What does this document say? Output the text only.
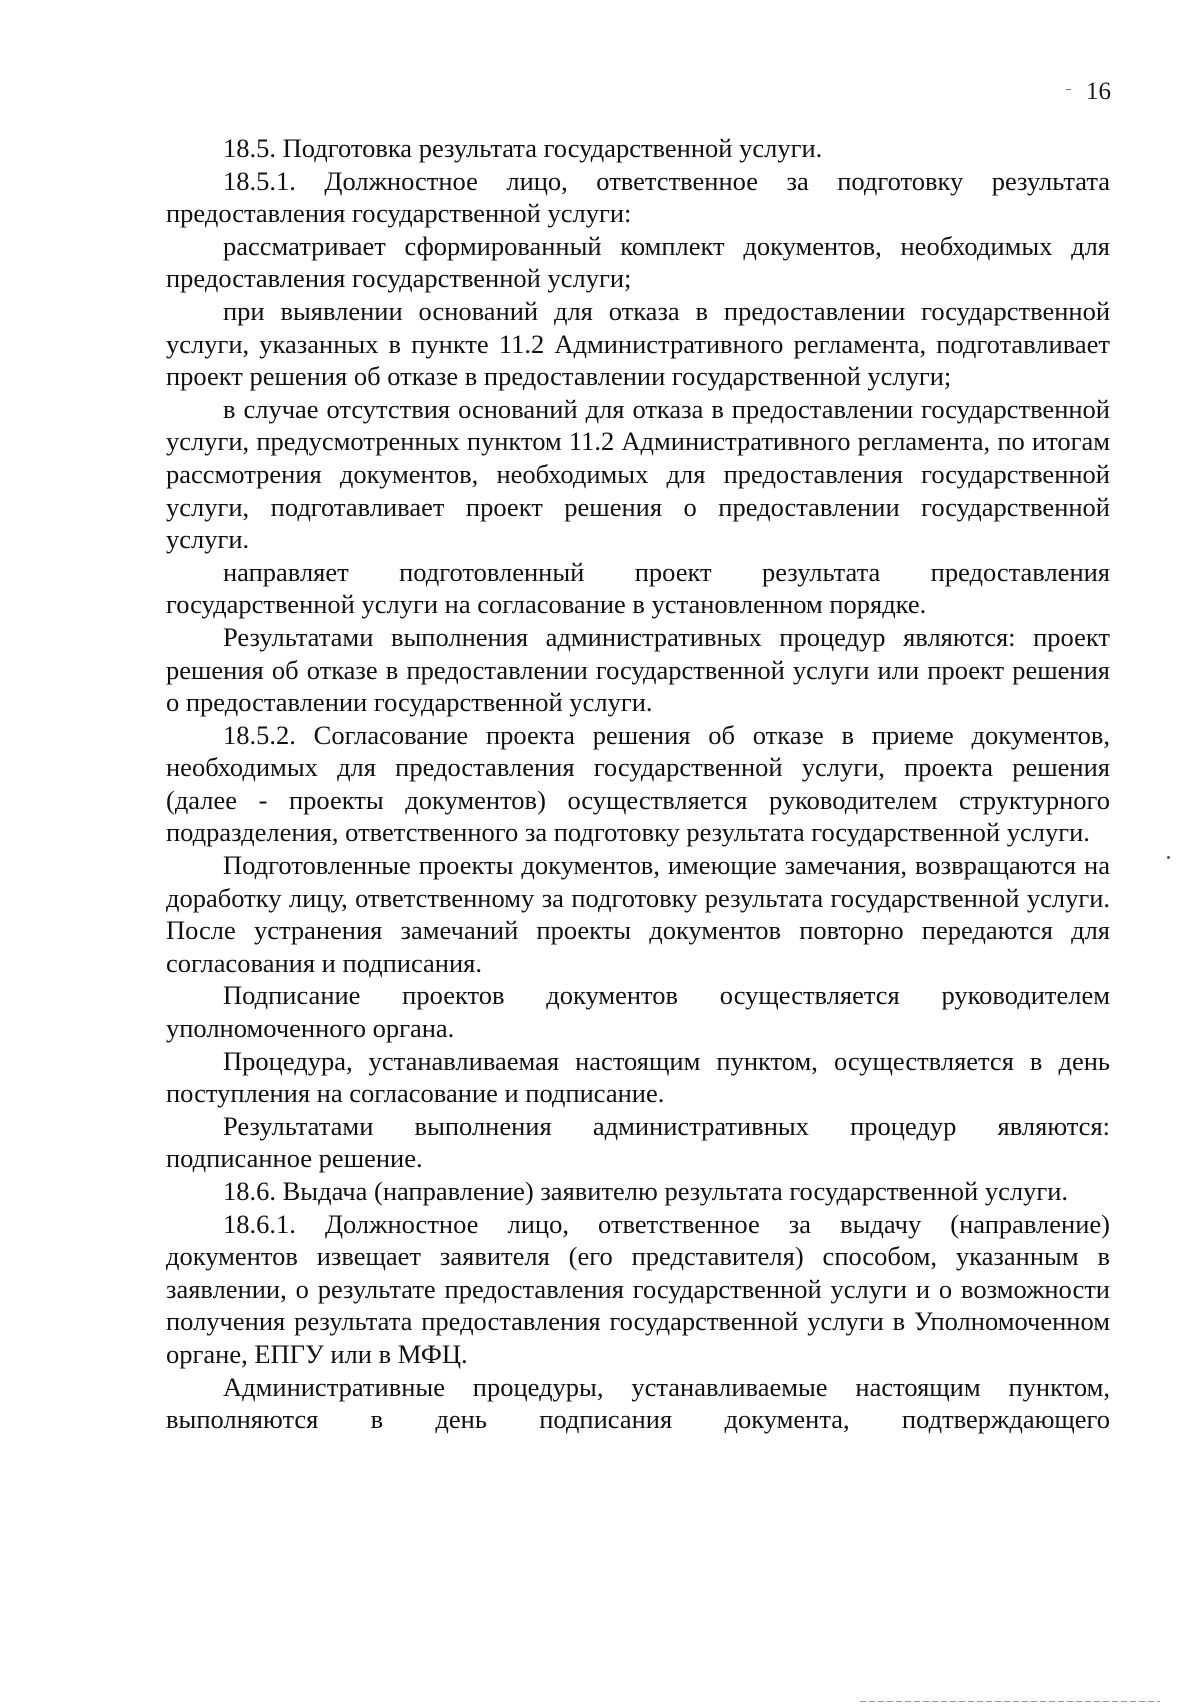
16

18.5. Подготовка результата государственной услуги.

18.5.1. Должностное лицо, ответственное за подготовку результата предоставления государственной услуги:

рассматривает сформированный комплект документов, необходимых для предоставления государственной услуги;

при выявлении оснований для отказа в предоставлении государственной услуги, указанных в пункте 11.2 Административного регламента, подготавливает проект решения об отказе в предоставлении государственной услуги;

в случае отсутствия оснований для отказа в предоставлении государственной услуги, предусмотренных пунктом 11.2 Административного регламента, по итогам рассмотрения документов, необходимых для предоставления государственной услуги, подготавливает проект решения о предоставлении государственной услуги.

направляет подготовленный проект результата предоставления государственной услуги на согласование в установленном порядке.

Результатами выполнения административных процедур являются: проект решения об отказе в предоставлении государственной услуги или проект решения о предоставлении государственной услуги.

18.5.2. Согласование проекта решения об отказе в приеме документов, необходимых для предоставления государственной услуги, проекта решения (далее - проекты документов) осуществляется руководителем структурного подразделения, ответственного за подготовку результата государственной услуги.

Подготовленные проекты документов, имеющие замечания, возвращаются на доработку лицу, ответственному за подготовку результата государственной услуги. После устранения замечаний проекты документов повторно передаются для согласования и подписания.

Подписание проектов документов осуществляется руководителем уполномоченного органа.

Процедура, устанавливаемая настоящим пунктом, осуществляется в день поступления на согласование и подписание.

Результатами выполнения административных процедур являются: подписанное решение.

18.6. Выдача (направление) заявителю результата государственной услуги.

18.6.1. Должностное лицо, ответственное за выдачу (направление) документов извещает заявителя (его представителя) способом, указанным в заявлении, о результате предоставления государственной услуги и о возможности получения результата предоставления государственной услуги в Уполномоченном органе, ЕПГУ или в МФЦ.

Административные процедуры, устанавливаемые настоящим пунктом, выполняются в день подписания документа, подтверждающего
